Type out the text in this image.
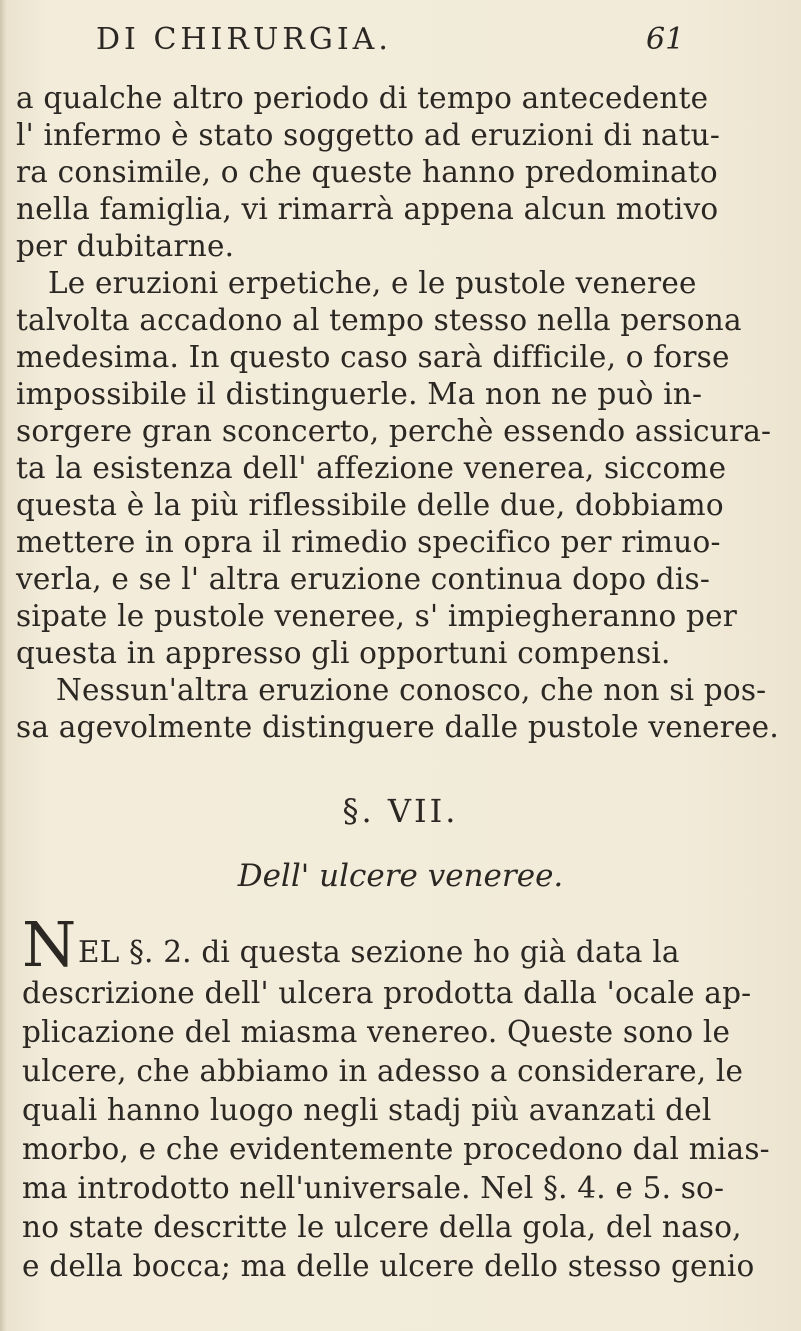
DI CHIRURGIA.	61
a qualche altro periodo di tempo antecedente
l' infermo è stato soggetto ad eruzioni di natu-
ra consimile, o che queste hanno predominato
nella famiglia, vi rimarrà appena alcun motivo
per dubitarne.
Le eruzioni erpetiche, e le pustole veneree
talvolta accadono al tempo stesso nella persona
medesima. In questo caso sarà difficile, o forse
impossibile il distinguerle. Ma non ne può in-
sorgere gran sconcerto, perchè essendo assicura-
ta la esistenza dell' affezione venerea, siccome
questa è la più riflessibile delle due, dobbiamo
mettere in opra il rimedio specifico per rimuo-
verla, e se l' altra eruzione continua dopo dis-
sipate le pustole veneree, s' impiegheranno per
questa in appresso gli opportuni compensi.
Nessun'altra eruzione conosco, che non si pos-
sa agevolmente distinguere dalle pustole veneree.
§. VII.
Dell' ulcere veneree.
N EL §. 2. di questa sezione ho già data la
descrizione dell' ulcera prodotta dalla 'ocale ap-
plicazione del miasma venereo. Queste sono le
ulcere, che abbiamo in adesso a considerare, le
quali hanno luogo negli stadj più avanzati del
morbo, e che evidentemente procedono dal mias-
ma introdotto nell'universale. Nel §. 4. e 5. so-
no state descritte le ulcere della gola, del naso,
e della bocca; ma delle ulcere dello stesso genio
